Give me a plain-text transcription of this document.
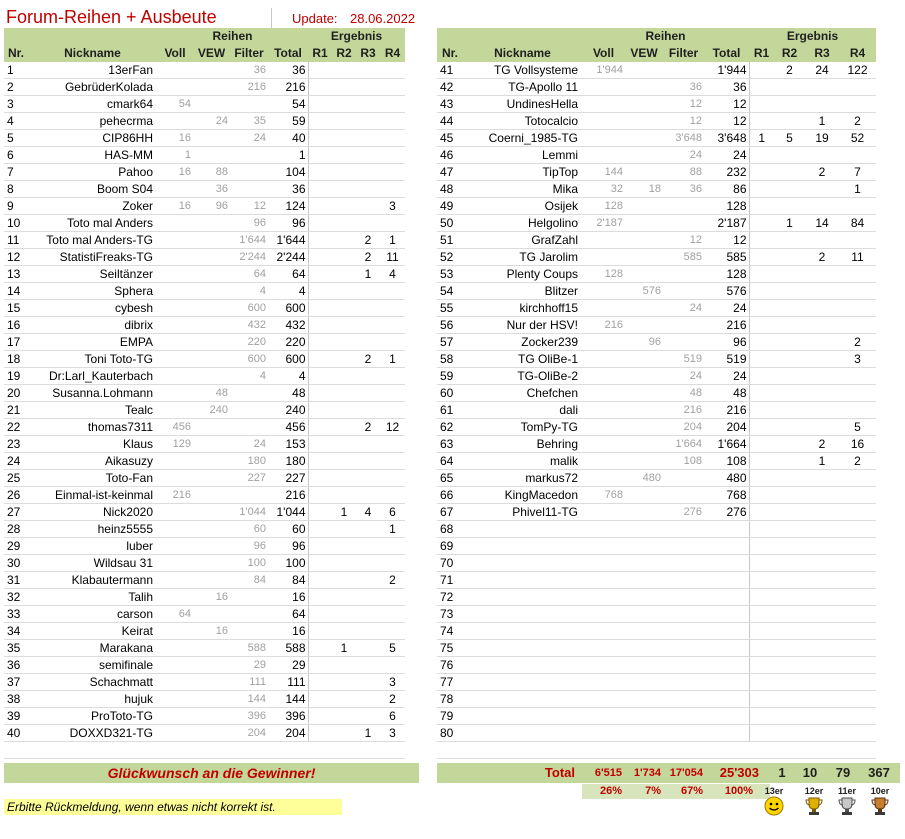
Forum-Reihen + Ausbeute	Update: 28.06.2022
		Reihen				Ergebnis			
Nr.	Nickname	Voll	VEW	Filter	Total	R1	R2	R3	R4
1	13erFan			36	36				
2	GebrüderKolada			216	216				
3	cmark64	54			54				
4	pehecrma		24	35	59				
5	CIP86HH	16		24	40				
6	HAS-MM	1			1				
7	Pahoo	16	88		104				
8	Boom S04		36		36				
9	Zoker	16	96	12	124				3
10	Toto mal Anders			96	96				
11	Toto mal Anders-TG			1'644	1'644			2	1
12	StatistiFreaks-TG			2'244	2'244			2	11
13	Seiltänzer			64	64			1	4
14	Sphera			4	4				
15	cybesh			600	600				
16	dibrix			432	432				
17	EMPA			220	220				
18	Toni Toto-TG			600	600			2	1
19	Dr:Larl_Kauterbach			4	4				
20	Susanna.Lohmann		48		48				
21	Tealc		240		240				
22	thomas7311	456			456			2	12
23	Klaus	129		24	153				
24	Aikasuzy			180	180				
25	Toto-Fan			227	227				
26	Einmal-ist-keinmal	216			216				
27	Nick2020			1'044	1'044		1	4	6
28	heinz5555			60	60				1
29	luber			96	96				
30	Wildsau 31			100	100				
31	Klabautermann			84	84				2
32	Talih		16		16				
33	carson	64			64				
34	Keirat		16		16				
35	Marakana			588	588		1		5
36	semifinale			29	29				
37	Schachmatt			111	111				3
38	hujuk			144	144				2
39	ProToto-TG			396	396				6
40	DOXXD321-TG			204	204			1	3

		Reihen				Ergebnis			
Nr.	Nickname	Voll	VEW	Filter	Total	R1	R2	R3	R4
41	TG Vollsysteme	1'944			1'944		2	24	122
42	TG-Apollo 11			36	36				
43	UndinesHella			12	12				
44	Totocalcio			12	12			1	2
45	Coerni_1985-TG			3'648	3'648	1	5	19	52
46	Lemmi			24	24				
47	TipTop	144		88	232			2	7
48	Mika	32	18	36	86				1
49	Osijek	128			128				
50	Helgolino	2'187			2'187		1	14	84
51	GrafZahl			12	12				
52	TG Jarolim			585	585			2	11
53	Plenty Coups	128			128				
54	Blitzer		576		576				
55	kirchhoff15			24	24				
56	Nur der HSV!	216			216				
57	Zocker239		96		96				2
58	TG OliBe-1			519	519				3
59	TG-OliBe-2			24	24				
60	Chefchen			48	48				
61	dali			216	216				
62	TomPy-TG			204	204				5
63	Behring			1'664	1'664			2	16
64	malik			108	108			1	2
65	markus72		480		480				
66	KingMacedon	768			768				
67	Phivel11-TG			276	276				
68									
69									
70									
71									
72									
73									
74									
75									
76									
77									
78									
79									
80									

Glückwunsch an die Gewinner!	Total	6'515	1'734 17'054	25'303	1	10	79	367
26%	7%	67%	100%
Erbitte Rückmeldung, wenn etwas nicht korrekt ist.
13er	12er	11er	10er
